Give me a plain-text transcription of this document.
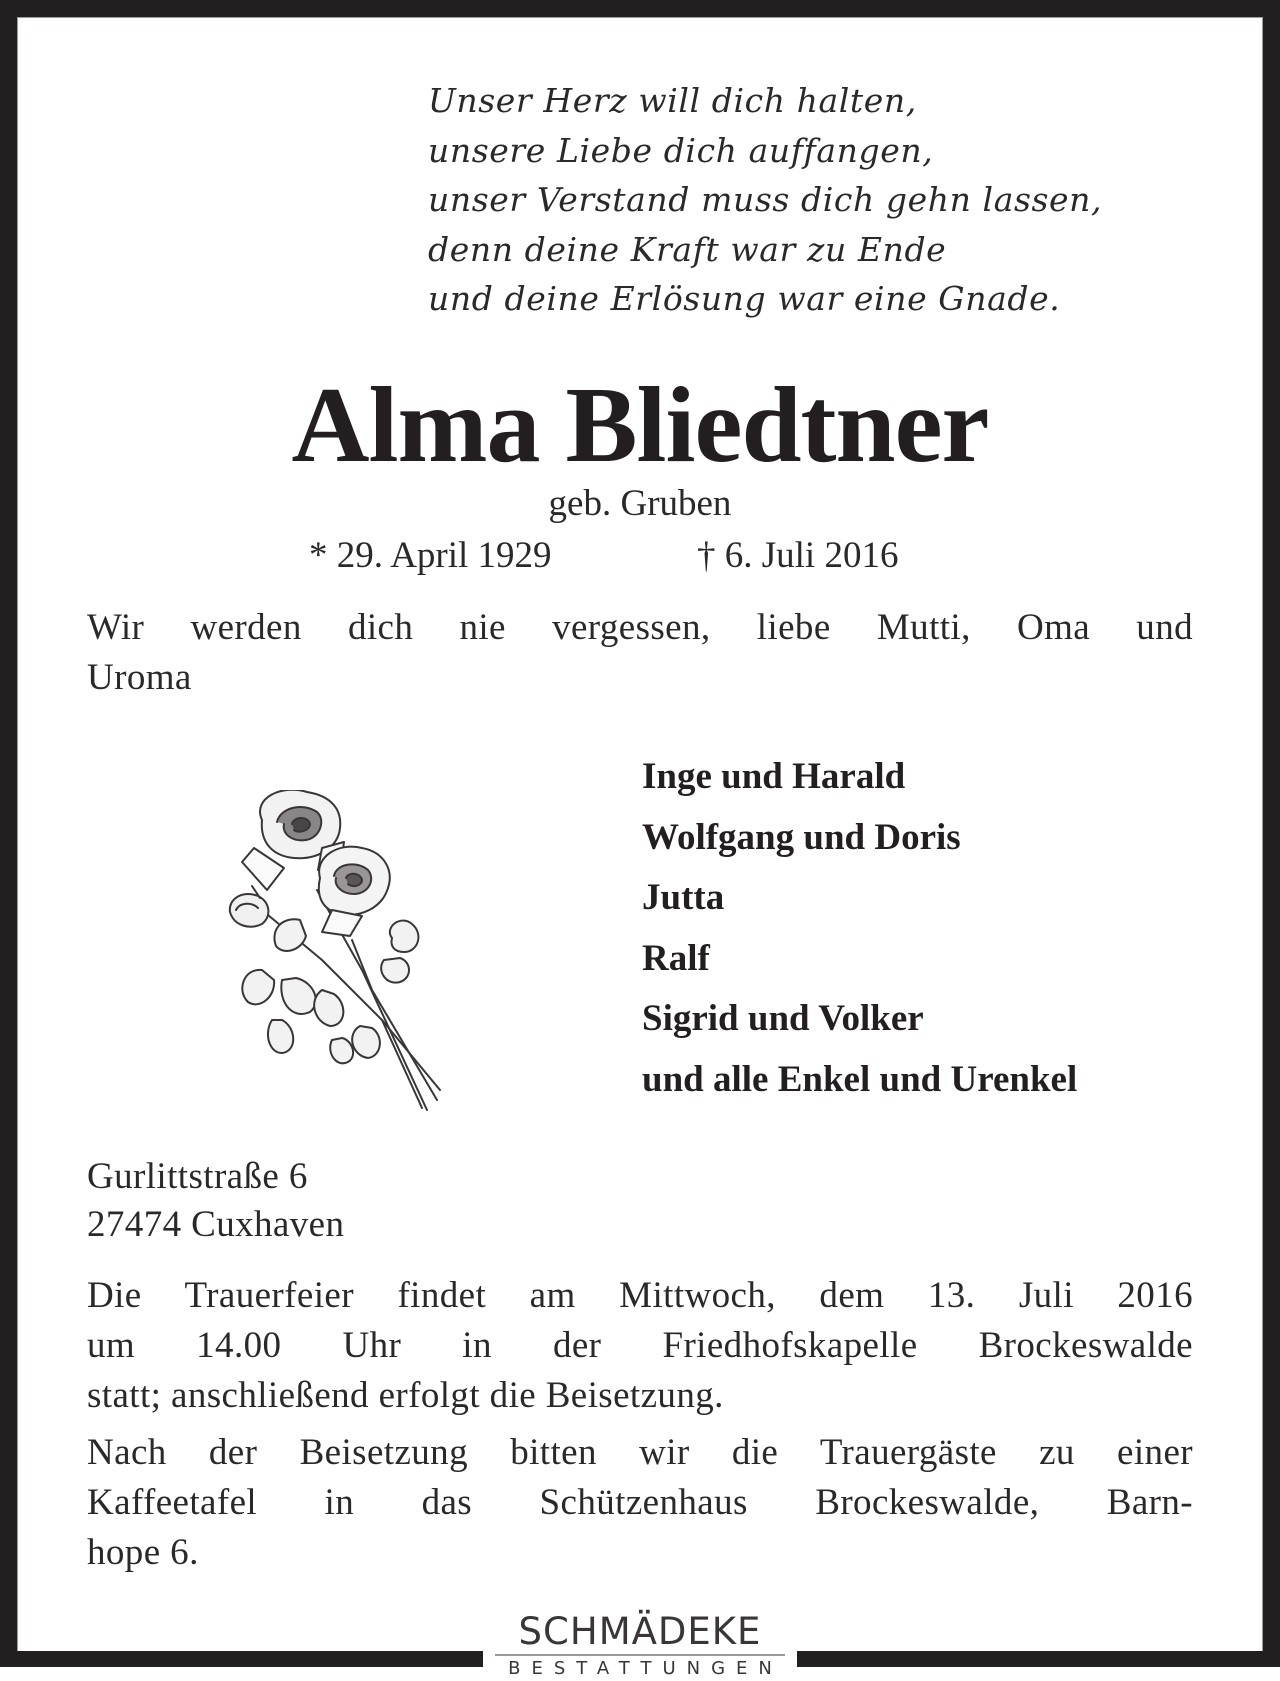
Unser Herz will dich halten,
unsere Liebe dich auffangen,
unser Verstand muss dich gehn lassen,
denn deine Kraft war zu Ende
und deine Erlösung war eine Gnade.
Alma Bliedtner
geb. Gruben
* 29. April 1929	† 6. Juli 2016
Wir werden dich nie vergessen, liebe Mutti, Oma und
Uroma
Inge und Harald
Wolfgang und Doris
Jutta
Ralf
Sigrid und Volker
und alle Enkel und Urenkel
Gurlittstraße 6
27474 Cuxhaven
Die Trauerfeier findet am Mittwoch, dem 13. Juli 2016
um 14.00 Uhr in der Friedhofskapelle Brockeswalde
statt; anschließend erfolgt die Beisetzung.
Nach der Beisetzung bitten wir die Trauergäste zu einer
Kaffeetafel in das Schützenhaus Brockeswalde, Barn-
hope 6.
SCHMÄDEKE
BESTATTUNGEN
